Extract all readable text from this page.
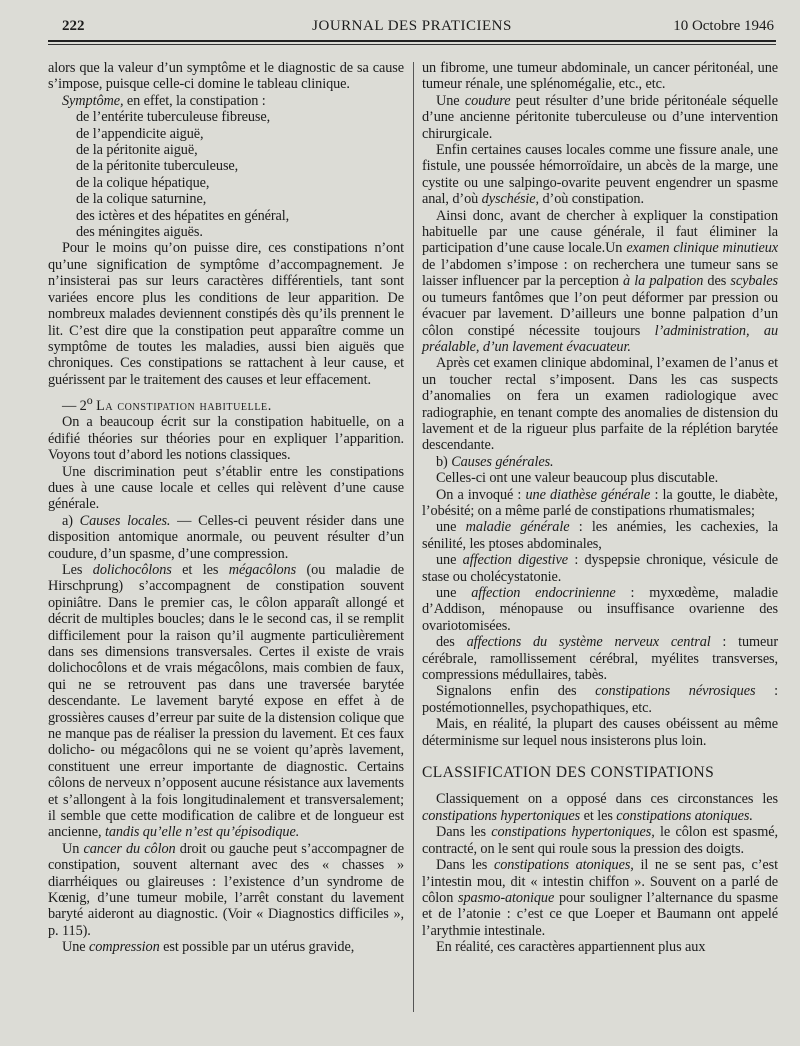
222	JOURNAL DES PRATICIENS	10 Octobre 1946

alors que la valeur d’un symptôme et le diagnostic de sa cause s’impose, puisque celle-ci domine le tableau clinique.

Symptôme, en effet, la constipation :

de l’entérite tuberculeuse fibreuse,
de l’appendicite aiguë,
de la péritonite aiguë,
de la péritonite tuberculeuse,
de la colique hépatique,
de la colique saturnine,
des ictères et des hépatites en général,
des méningites aiguës.

Pour le moins qu’on puisse dire, ces constipations n’ont qu’une signification de symptôme d’accompagnement. Je n’insisterai pas sur leurs caractères différentiels, tant sont variées encore plus les conditions de leur apparition. De nombreux malades deviennent constipés dès qu’ils prennent le lit. C’est dire que la constipation peut apparaître comme un symptôme de toutes les maladies, aussi bien aiguës que chroniques. Ces constipations se rattachent à leur cause, et guérissent par le traitement des causes et leur effacement.

— 2$^o$ La constipation habituelle.

On a beaucoup écrit sur la constipation habituelle, on a édifié théories sur théories pour en expliquer l’apparition. Voyons tout d’abord les notions classiques.

Une discrimination peut s’établir entre les constipations dues à une cause locale et celles qui relèvent d’une cause générale.

a) Causes locales. — Celles-ci peuvent résider dans une disposition antomique anormale, ou peuvent résulter d’un coudure, d’un spasme, d’une compression.

Les dolichocôlons et les mégacôlons (ou maladie de Hirschprung) s’accompagnent de constipation souvent opiniâtre. Dans le premier cas, le côlon apparaît allongé et décrit de multiples boucles; dans le le second cas, il se remplit difficilement pour la raison qu’il augmente particulièrement dans ses dimensions transversales. Certes il existe de vrais dolichocôlons et de vrais mégacôlons, mais combien de faux, qui ne se retrouvent pas dans une traversée barytée descendante. Le lavement baryté expose en effet à de grossières causes d’erreur par suite de la distension colique que ne manque pas de réaliser la pression du lavement. Et ces faux dolicho- ou mégacôlons qui ne se voient qu’après lavement, constituent une erreur importante de diagnostic. Certains côlons de nerveux n’opposent aucune résistance aux lavements et s’allongent à la fois longitudinalement et transversalement; il semble que cette modification de calibre et de longueur est ancienne, tandis qu’elle n’est qu’épisodique.

Un cancer du côlon droit ou gauche peut s’accompagner de constipation, souvent alternant avec des « chasses » diarrhéiques ou glaireuses : l’existence d’un syndrome de Kœnig, d’une tumeur mobile, l’arrêt constant du lavement baryté aideront au diagnostic. (Voir « Diagnostics difficiles », p. 115).

Une compression est possible par un utérus gravide,

un fibrome, une tumeur abdominale, un cancer péritonéal, une tumeur rénale, une splénomégalie, etc., etc.

Une coudure peut résulter d’une bride péritonéale séquelle d’une ancienne péritonite tuberculeuse ou d’une intervention chirurgicale.

Enfin certaines causes locales comme une fissure anale, une fistule, une poussée hémorroïdaire, un abcès de la marge, une cystite ou une salpingo-ovarite peuvent engendrer un spasme anal, d’où dyschésie, d’où constipation.

Ainsi donc, avant de chercher à expliquer la constipation habituelle par une cause générale, il faut éliminer la participation d’une cause locale.Un examen clinique minutieux de l’abdomen s’impose : on recherchera une tumeur sans se laisser influencer par la perception à la palpation des scybales ou tumeurs fantômes que l’on peut déformer par pression ou évacuer par lavement. D’ailleurs une bonne palpation d’un côlon constipé nécessite toujours l’administration, au préalable, d’un lavement évacuateur.

Après cet examen clinique abdominal, l’examen de l’anus et un toucher rectal s’imposent. Dans les cas suspects d’anomalies on fera un examen radiologique avec radiographie, en tenant compte des anomalies de distension du lavement et de la rigueur plus parfaite de la réplétion barytée descendante.

b) Causes générales.

Celles-ci ont une valeur beaucoup plus discutable.

On a invoqué : une diathèse générale : la goutte, le diabète, l’obésité; on a même parlé de constipations rhumatismales;

une maladie générale : les anémies, les cachexies, la sénilité, les ptoses abdominales,

une affection digestive : dyspepsie chronique, vésicule de stase ou cholécystatonie.

une affection endocrinienne : myxœdème, maladie d’Addison, ménopause ou insuffisance ovarienne des ovariotomisées.

des affections du système nerveux central : tumeur cérébrale, ramollissement cérébral, myélites transverses, compressions médullaires, tabès.

Signalons enfin des constipations névrosiques : postémotionnelles, psychopathiques, etc.

Mais, en réalité, la plupart des causes obéissent au même déterminisme sur lequel nous insisterons plus loin.

CLASSIFICATION DES CONSTIPATIONS

Classiquement on a opposé dans ces circonstances les constipations hypertoniques et les constipations atoniques.

Dans les constipations hypertoniques, le côlon est spasmé, contracté, on le sent qui roule sous la pression des doigts.

Dans les constipations atoniques, il ne se sent pas, c’est l’intestin mou, dit « intestin chiffon ». Souvent on a parlé de côlon spasmo-atonique pour souligner l’alternance du spasme et de l’atonie : c’est ce que Loeper et Baumann ont appelé l’arythmie intestinale.

En réalité, ces caractères appartiennent plus aux
